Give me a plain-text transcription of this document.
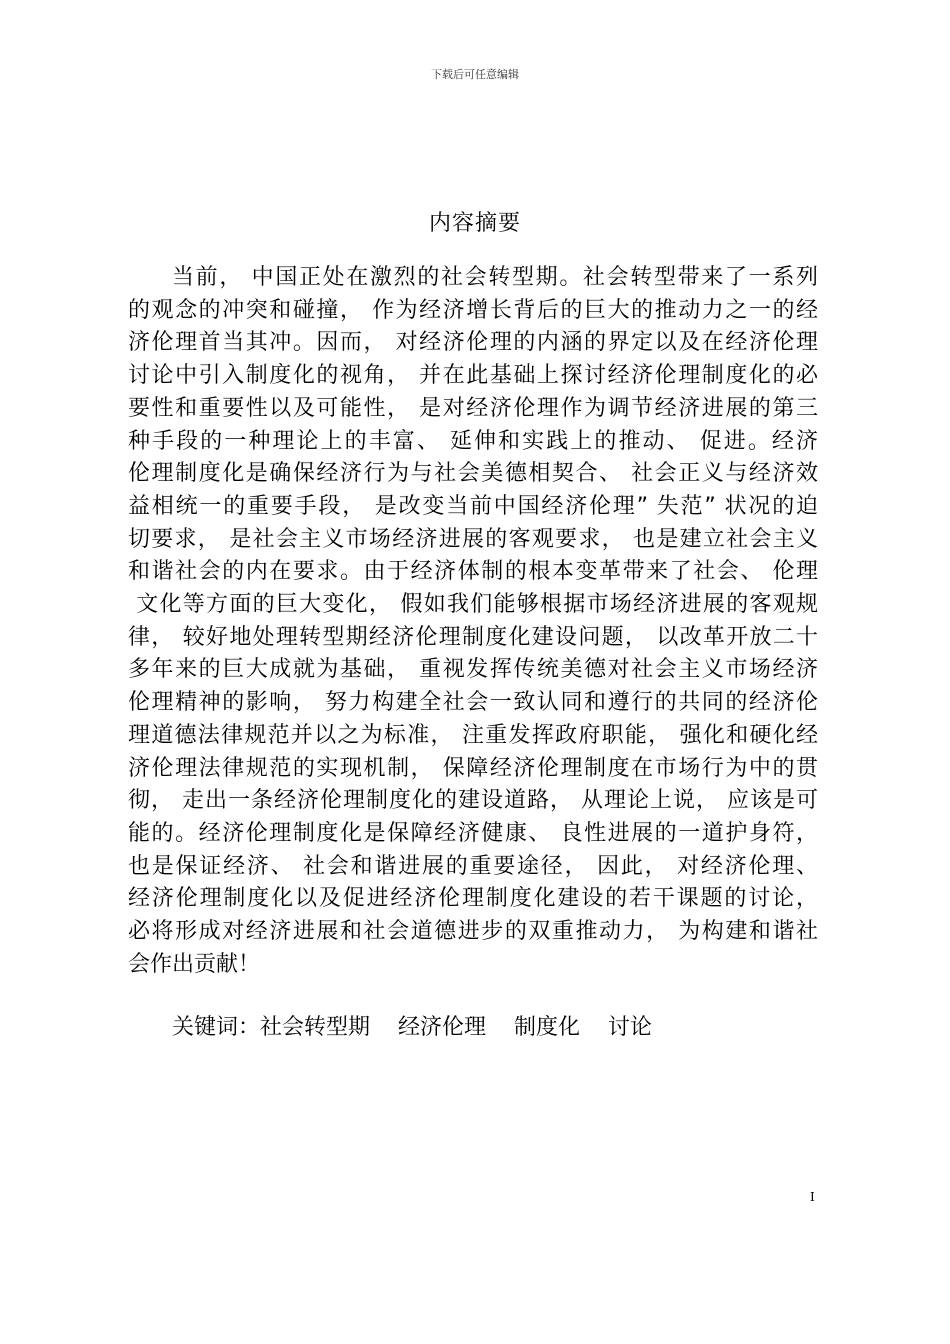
下载后可任意编辑
内容摘要
当前， 中国正处在激烈的社会转型期。社会转型带来了一系列
的观念的冲突和碰撞， 作为经济增长背后的巨大的推动力之一的经
济伦理首当其冲。因而， 对经济伦理的内涵的界定以及在经济伦理
讨论中引入制度化的视角， 并在此基础上探讨经济伦理制度化的必
要性和重要性以及可能性， 是对经济伦理作为调节经济进展的第三
种手段的一种理论上的丰富、 延伸和实践上的推动、 促进。经济
伦理制度化是确保经济行为与社会美德相契合、 社会正义与经济效
益相统一的重要手段， 是改变当前中国经济伦理” 失范” 状况的迫
切要求， 是社会主义市场经济进展的客观要求， 也是建立社会主义
和谐社会的内在要求。由于经济体制的根本变革带来了社会、 伦理
文化等方面的巨大变化， 假如我们能够根据市场经济进展的客观规
律， 较好地处理转型期经济伦理制度化建设问题， 以改革开放二十
多年来的巨大成就为基础， 重视发挥传统美德对社会主义市场经济
伦理精神的影响， 努力构建全社会一致认同和遵行的共同的经济伦
理道德法律规范并以之为标准， 注重发挥政府职能， 强化和硬化经
济伦理法律规范的实现机制， 保障经济伦理制度在市场行为中的贯
彻， 走出一条经济伦理制度化的建设道路， 从理论上说， 应该是可
能的。经济伦理制度化是保障经济健康、 良性进展的一道护身符，
也是保证经济、 社会和谐进展的重要途径， 因此， 对经济伦理、
经济伦理制度化以及促进经济伦理制度化建设的若干课题的讨论，
必将形成对经济进展和社会道德进步的双重推动力， 为构建和谐社
会作出贡献！
关键词：社会转型期    经济伦理    制度化    讨论
I
